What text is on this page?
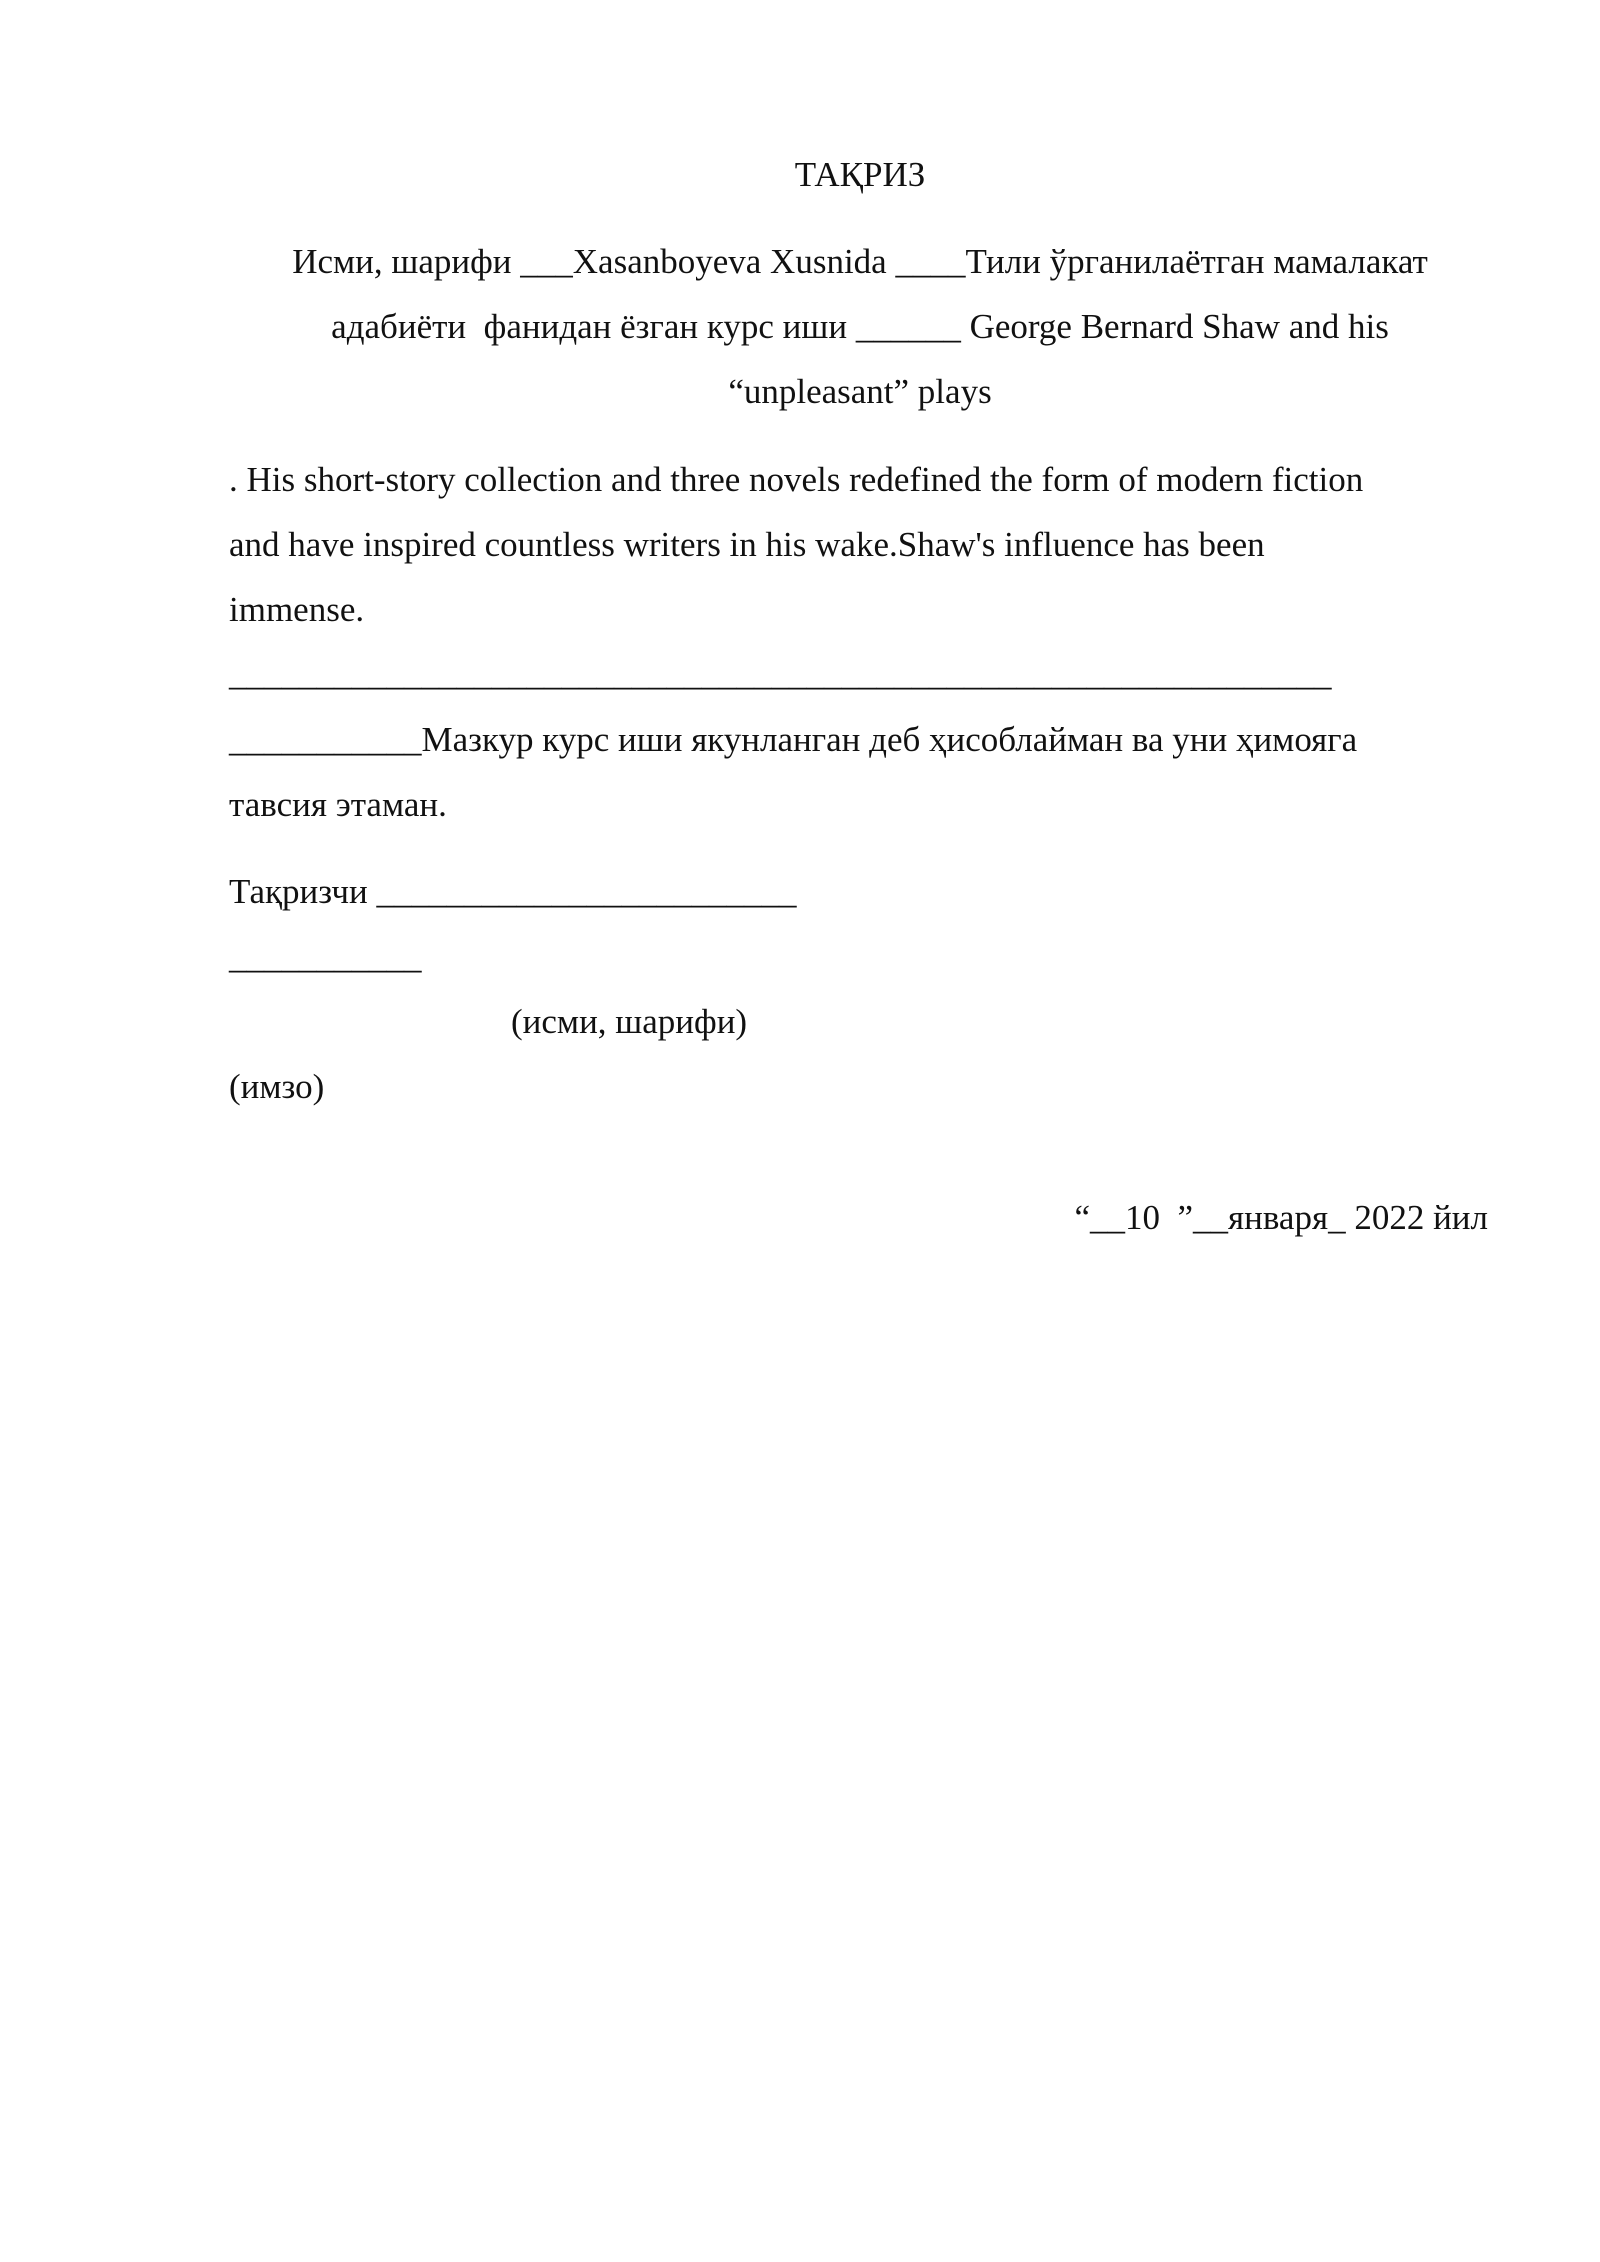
ТАҚРИЗ
Исми, шарифи ___Xasanboyeva Xusnida ____Тили ўрганилаётган мамалакат
адабиёти  фанидан ёзган курс иши ______ George Bernard Shaw and his
“unpleasant” plays
. His short-story collection and three novels redefined the form of modern fiction
and have inspired countless writers in his wake.Shaw's influence has been
immense.
_______________________________________________________________
___________Мазкур курс иши якунланган деб ҳисоблайман ва уни ҳимояга
тавсия этаман.
Тақризчи ________________________
___________
(исми, шарифи)
(имзо)
“__10  ”__января_ 2022 йил
